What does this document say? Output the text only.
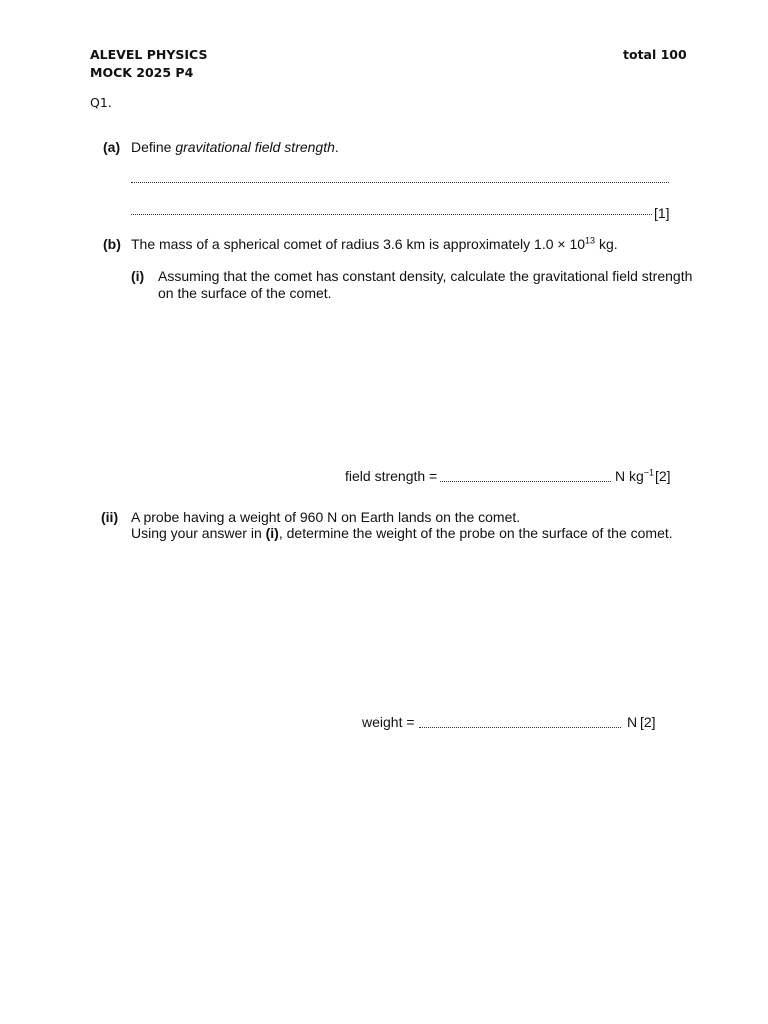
ALEVEL PHYSICS
MOCK 2025 P4
total 100
Q1.
(a) Define gravitational field strength.
[1]
(b) The mass of a spherical comet of radius 3.6 km is approximately $1.0 \times 10^{13}$ kg.
(i) Assuming that the comet has constant density, calculate the gravitational field strength
on the surface of the comet.
field strength =	N $kg^{-1}$ [2]
(ii) A probe having a weight of 960 N on Earth lands on the comet.
Using your answer in (i), determine the weight of the probe on the surface of the comet.
weight =	N [2]
